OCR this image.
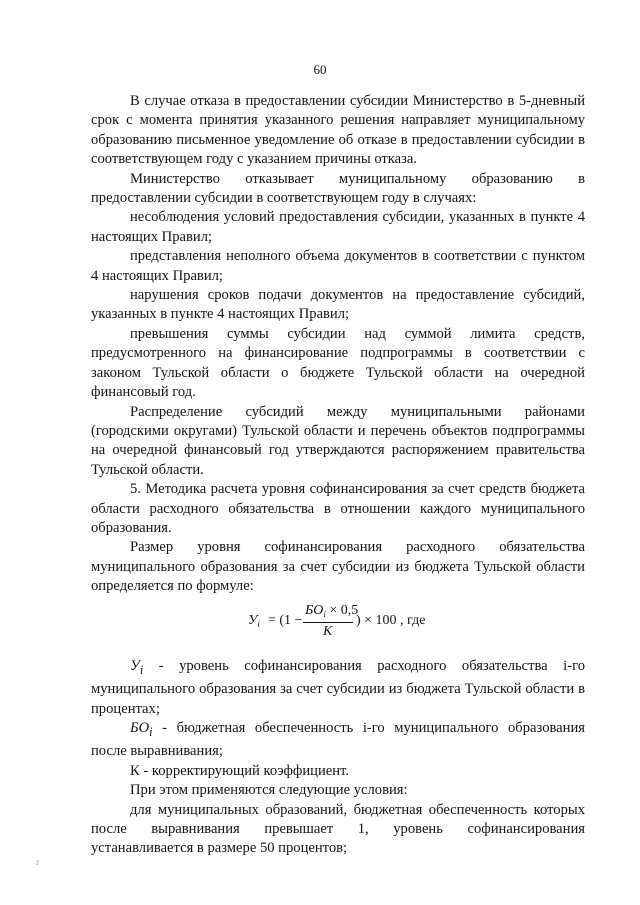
60

В случае отказа в предоставлении субсидии Министерство в 5-дневный срок с момента принятия указанного решения направляет муниципальному образованию письменное уведомление об отказе в предоставлении субсидии в соответствующем году с указанием причины отказа.

Министерство отказывает муниципальному образованию в предоставлении субсидии в соответствующем году в случаях:

несоблюдения условий предоставления субсидии, указанных в пункте 4 настоящих Правил;

представления неполного объема документов в соответствии с пунктом 4 настоящих Правил;

нарушения сроков подачи документов на предоставление субсидий, указанных в пункте 4 настоящих Правил;

превышения суммы субсидии над суммой лимита средств, предусмотренного на финансирование подпрограммы в соответствии с законом Тульской области о бюджете Тульской области на очередной финансовый год.

Распределение субсидий между муниципальными районами (городскими округами) Тульской области и перечень объектов подпрограммы на очередной финансовый год утверждаются распоряжением правительства Тульской области.

5. Методика расчета уровня софинансирования за счет средств бюджета области расходного обязательства в отношении каждого муниципального образования.

Размер уровня софинансирования расходного обязательства муниципального образования за счет субсидии из бюджета Тульской области определяется по формуле:

$У_i = (1$ −
$БО_i \times 0,5$
К
) × 100 , где

$У_i$ - уровень софинансирования расходного обязательства i-го муниципального образования за счет субсидии из бюджета Тульской области в процентах;

$БО_i$ - бюджетная обеспеченность i-го муниципального образования после выравнивания;

К - корректирующий коэффициент.

При этом применяются следующие условия:

для муниципальных образований, бюджетная обеспеченность которых после выравнивания превышает 1, уровень софинансирования устанавливается в размере 50 процентов;

r
